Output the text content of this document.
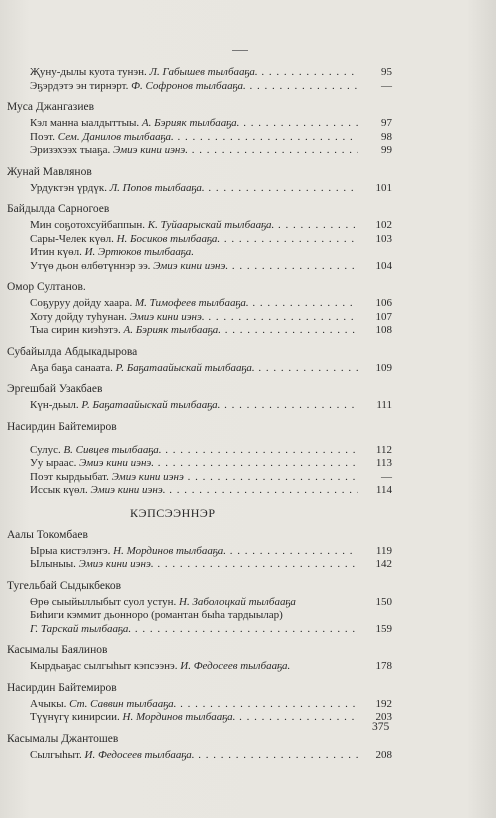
Җуну-дылы куота тунэн. Л. Габышев тылбааҕа. . . .	95
Эҕэрдэтэ эн тирнэрт. Ф. Софронов тылбааҕа. . . .	—
Муса Джангазиев
Кэл манна ыалдыттыы. А. Бэрияк тылбааҕа. . . .	97
Поэт. Сем. Данилов тылбааҕа. . . .	98
Эризэхээх тыаҕа. Эмиэ кини иэнэ. . . .	99
Жунай Мавлянов
Урдуктэн үрдүк. Л. Попов тылбааҕа. . . .	101
Байдылда Сарногоев
Мин соҕотохсуйбаппын. К. Туйаарыскай тылбааҕа. . . .	102
Сары-Челек күөл. Н. Босиков тылбааҕа. . . .	103
Итин күөл. И. Эртюков тылбааҕа.
Утүө дьон өлбөтүннэр ээ. Эмиэ кини иэнэ. . . .	104
Омор Султанов.
Соҕуруу дойду хаара. М. Тимофеев тылбааҕа. . . .	106
Хоту дойду туһунан. Эмиэ кини иэнэ. . . .	107
Тыа сирин киэһэтэ. А. Бэрияк тылбааҕа. . . .	108
Субайылда Абдыкадырова
Аҕа баҕа санаата. Р. Баҕатаайыскай тылбааҕа. . . .	109
Эргешбай Узакбаев
Күн-дьыл. Р. Баҕатаайыскай тылбааҕа. . . .	111
Насирдин Байтемиров
Сулус. В. Сивцев тылбааҕа. . . .	112
Уу ыраас. Эмиэ кини иэнэ. . . .	113
Поэт кырдьыбат. Эмиэ кини иэнэ . . .	—
Иссык күөл. Эмиэ кини иэнэ. . . .	114
КЭПСЭЭННЭР
Аалы Токомбаев
Ырыа кистэлэҥэ. Н. Мординов тылбааҕа. . . .	119
Ылыныы. Эмиэ кини иэнэ. . . .	142
Тугельбай Сыдыкбеков
Өрө сыыйыллыбыт суол устун. Н. Заболоцкай тылбааҕа	150
Биһиги кэммит дьонноро (романтан быһа тардыылар)
Г. Тарскай тылбааҕа. . . .	159
Касымалы Баялинов
Кырдьаҕас сылгыһыт кэпсээнэ. И. Федосеев тылбааҕа.	178
Насирдин Байтемиров
Ачыкы. Ст. Саввин тылбааҕа. . . .	192
Түүнүгү кинирсии. Н. Мординов тылбааҕа. . . .	203
Касымалы Джантошев
Сылгыһыт. И. Федосеев тылбааҕа. . . .	208
375
